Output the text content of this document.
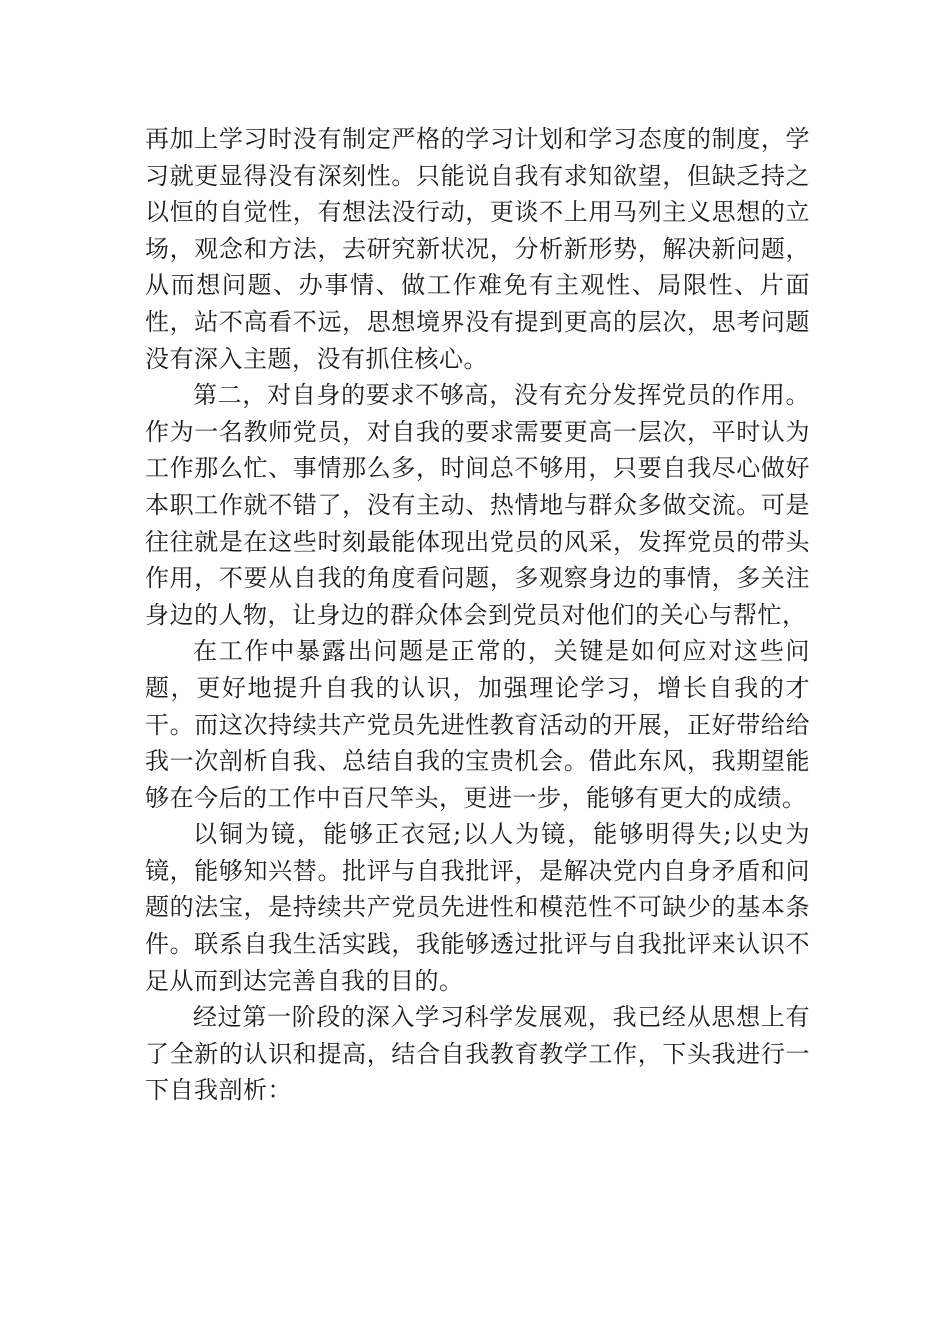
再加上学习时没有制定严格的学习计划和学习态度的制度，学习就更显得没有深刻性。只能说自我有求知欲望，但缺乏持之以恒的自觉性，有想法没行动，更谈不上用马列主义思想的立场，观念和方法，去研究新状况，分析新形势，解决新问题，从而想问题、办事情、做工作难免有主观性、局限性、片面性，站不高看不远，思想境界没有提到更高的层次，思考问题没有深入主题，没有抓住核心。

第二，对自身的要求不够高，没有充分发挥党员的作用。作为一名教师党员，对自我的要求需要更高一层次，平时认为工作那么忙、事情那么多，时间总不够用，只要自我尽心做好本职工作就不错了，没有主动、热情地与群众多做交流。可是往往就是在这些时刻最能体现出党员的风采，发挥党员的带头作用，不要从自我的角度看问题，多观察身边的事情，多关注身边的人物，让身边的群众体会到党员对他们的关心与帮忙，

在工作中暴露出问题是正常的，关键是如何应对这些问题，更好地提升自我的认识，加强理论学习，增长自我的才干。而这次持续共产党员先进性教育活动的开展，正好带给给我一次剖析自我、总结自我的宝贵机会。借此东风，我期望能够在今后的工作中百尺竿头，更进一步，能够有更大的成绩。

以铜为镜，能够正衣冠;以人为镜，能够明得失;以史为镜，能够知兴替。批评与自我批评，是解决党内自身矛盾和问题的法宝，是持续共产党员先进性和模范性不可缺少的基本条件。联系自我生活实践，我能够透过批评与自我批评来认识不足从而到达完善自我的目的。

经过第一阶段的深入学习科学发展观，我已经从思想上有了全新的认识和提高，结合自我教育教学工作，下头我进行一下自我剖析：
